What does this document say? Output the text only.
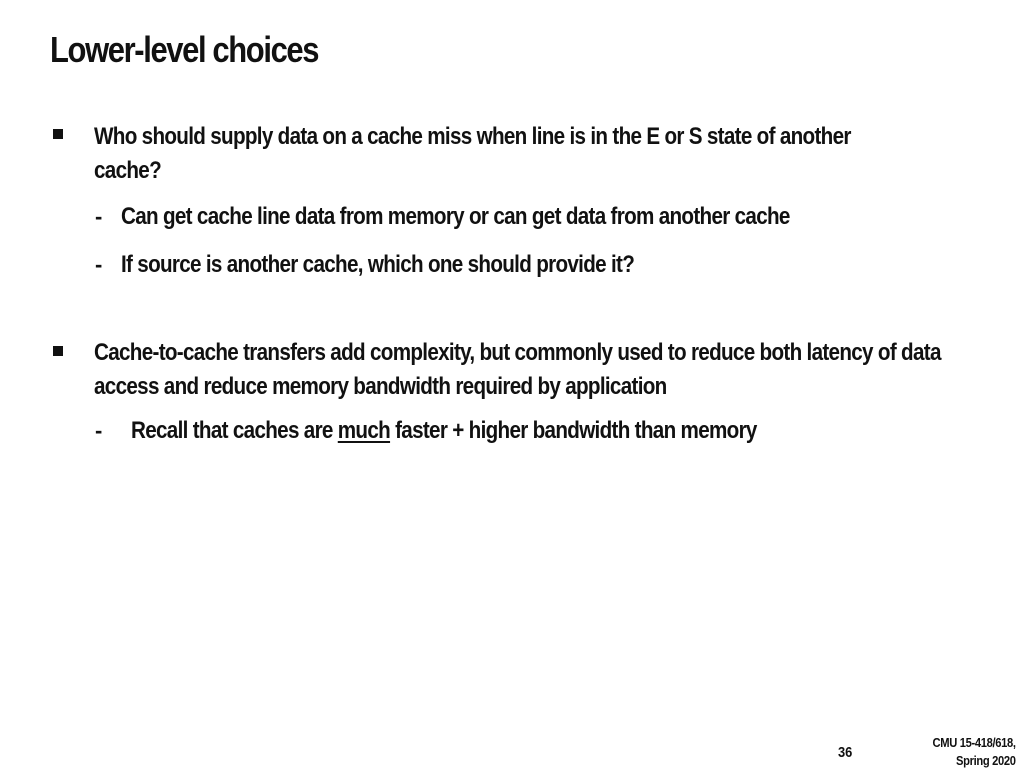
Lower-level choices
Who should supply data on a cache miss when line is in the E or S state of another cache?
- Can get cache line data from memory or can get data from another cache
- If source is another cache, which one should provide it?
Cache-to-cache transfers add complexity, but commonly used to reduce both latency of data access and reduce memory bandwidth required by application
- Recall that caches are much faster + higher bandwidth than memory
36
CMU 15-418/618,
Spring 2020
